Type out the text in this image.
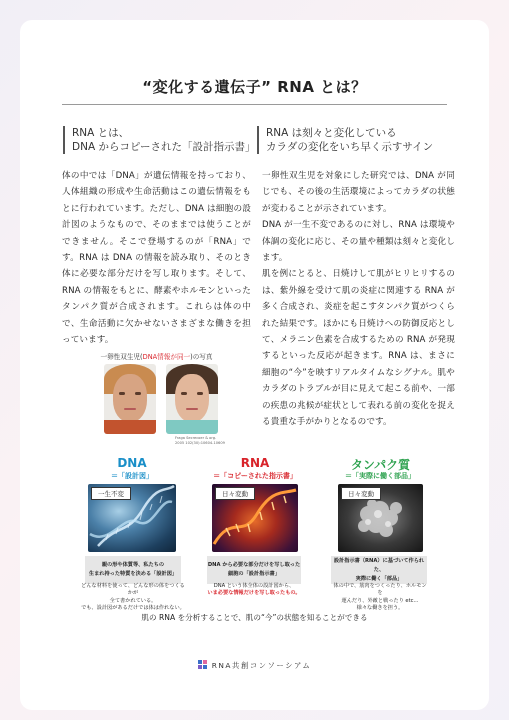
“変化する遺伝子” RNA とは？
RNA とは、
DNA からコピーされた「設計指示書」
RNA は刻々と変化している
カラダの変化をいち早く示すサイン

体の中では「DNA」が遺伝情報を持っており、人体組織の形成や生命活動はこの遺伝情報をもとに行われています。ただし、DNA は細胞の設計図のようなもので、そのままでは使うことができません。そこで登場するのが「RNA」です。RNA は DNA の情報を読み取り、そのとき体に必要な部分だけを写し取ります。そして、RNA の情報をもとに、酵素やホルモンといったタンパク質が合成されます。これらは体の中で、生命活動に欠かせないさまざまな働きを担っています。

一卵性双生児を対象にした研究では、DNA が同じでも、その後の生活環境によってカラダの状態が変わることが示されています。

DNA が一生不変であるのに対し、RNA は環境や体調の変化に応じ、その量や種類は刻々と変化します。

肌を例にとると、日焼けして肌がヒリヒリするのは、紫外線を受けて肌の炎症に関連する RNA が多く合成され、炎症を起こすタンパク質がつくられた結果です。ほかにも日焼けへの防御反応として、メラニン色素を合成するための RNA が発現するといった反応が起きます。RNA は、まさに細胞の“今”を映すリアルタイムなシグナル。肌やカラダのトラブルが目に見えて起こる前や、一部の疾患の兆候が症状として表れる前の変化を捉える貴重な手がかりとなるのです。

一卵性双生児(DNA情報が同一)の写真
Fraga Secrecoer & org.
2005 102(30):10604-10609
DNA
＝「設計図」
一生不変
親の形や体質等、私たちの
生まれ持った特質を決める「設計図」
どんな材料を使って、どんな形の体をつくるかが
全て書かれている。
でも、設計図があるだけでは体は作れない。
RNA
＝「コピーされた指示書」
日々変動
DNA から必要な部分だけを写し取った
細胞の「設計指示書」
DNA という体全体の設計図から、
いま必要な情報だけを写し取ったもの。
タンパク質
＝「実際に働く部品」
日々変動
設計指示書（RNA）に基づいて作られた、
実際に働く「部品」
体の中で、筋肉をつくったり、ホルモンを
運んだり、外敵と戦ったり etc...
様々な働きを担う。
肌の RNA を分析することで、肌の“今”の状態を知ることができる
RNA共創コンソーシアム
